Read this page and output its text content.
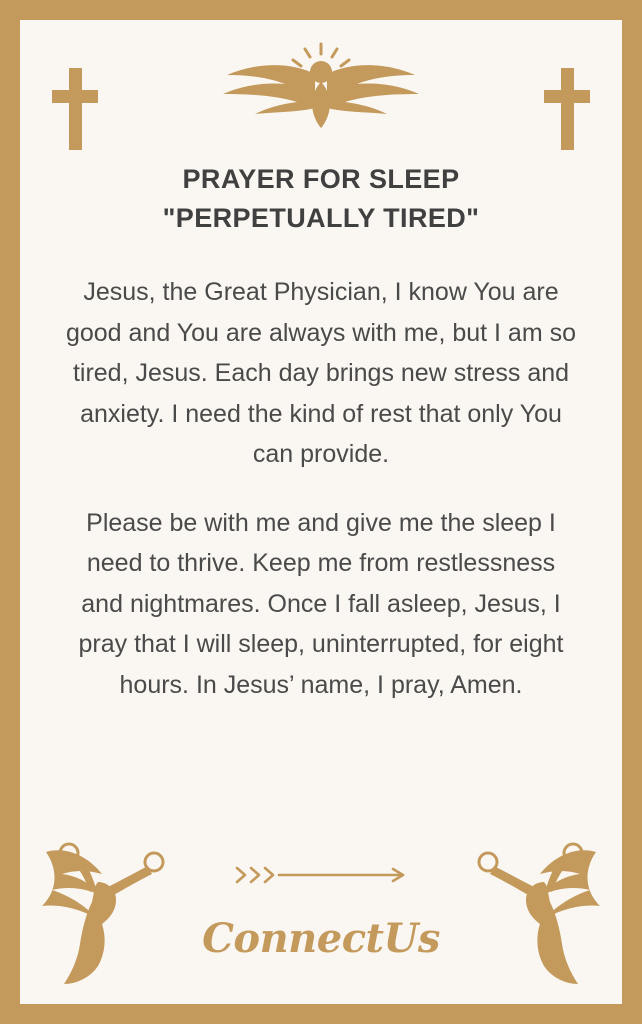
PRAYER FOR SLEEP

"PERPETUALLY TIRED"

Jesus, the Great Physician, I know You are good and You are always with me, but I am so tired, Jesus. Each day brings new stress and anxiety. I need the kind of rest that only You can provide.

Please be with me and give me the sleep I need to thrive. Keep me from restlessness and nightmares. Once I fall asleep, Jesus, I pray that I will sleep, uninterrupted, for eight hours. In Jesus’ name, I pray, Amen.

ConnectUs
